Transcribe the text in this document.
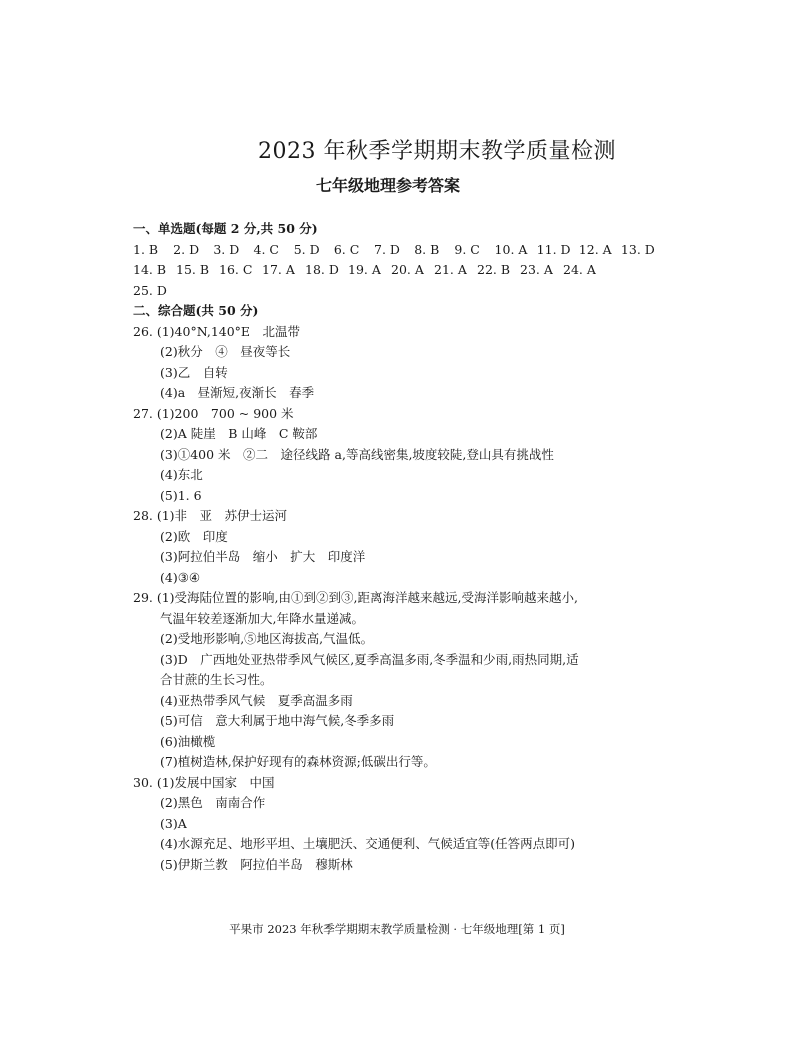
2023 年秋季学期期末教学质量检测
七年级地理参考答案
一、单选题(每题 2 分,共 50 分)
1. B	2. D	3. D	4. C	5. D	6. C	7. D	8. B	9. C	10. A 11. D 12. A 13. D
14. B 15. B 16. C 17. A 18. D 19. A 20. A 21. A 22. B 23. A 24. A
25. D
二、综合题(共 50 分)
26. (1)40°N,140°E　北温带
(2)秋分　④　昼夜等长
(3)乙　自转
(4)a　昼渐短,夜渐长　春季
27. (1)200　700 ~ 900 米
(2)A 陡崖　B 山峰　C 鞍部
(3)①400 米　②二　途径线路 a,等高线密集,坡度较陡,登山具有挑战性
(4)东北
(5)1. 6
28. (1)非　亚　苏伊士运河
(2)欧　印度
(3)阿拉伯半岛　缩小　扩大　印度洋
(4)③④
29. (1)受海陆位置的影响,由①到②到③,距离海洋越来越远,受海洋影响越来越小,
气温年较差逐渐加大,年降水量递减。
(2)受地形影响,⑤地区海拔高,气温低。
(3)D　广西地处亚热带季风气候区,夏季高温多雨,冬季温和少雨,雨热同期,适
合甘蔗的生长习性。
(4)亚热带季风气候　夏季高温多雨
(5)可信　意大利属于地中海气候,冬季多雨
(6)油橄榄
(7)植树造林,保护好现有的森林资源;低碳出行等。
30. (1)发展中国家　中国
(2)黑色　南南合作
(3)A
(4)水源充足、地形平坦、土壤肥沃、交通便利、气候适宜等(任答两点即可)
(5)伊斯兰教　阿拉伯半岛　穆斯林
平果市 2023 年秋季学期期末教学质量检测 · 七年级地理[第 1 页]
